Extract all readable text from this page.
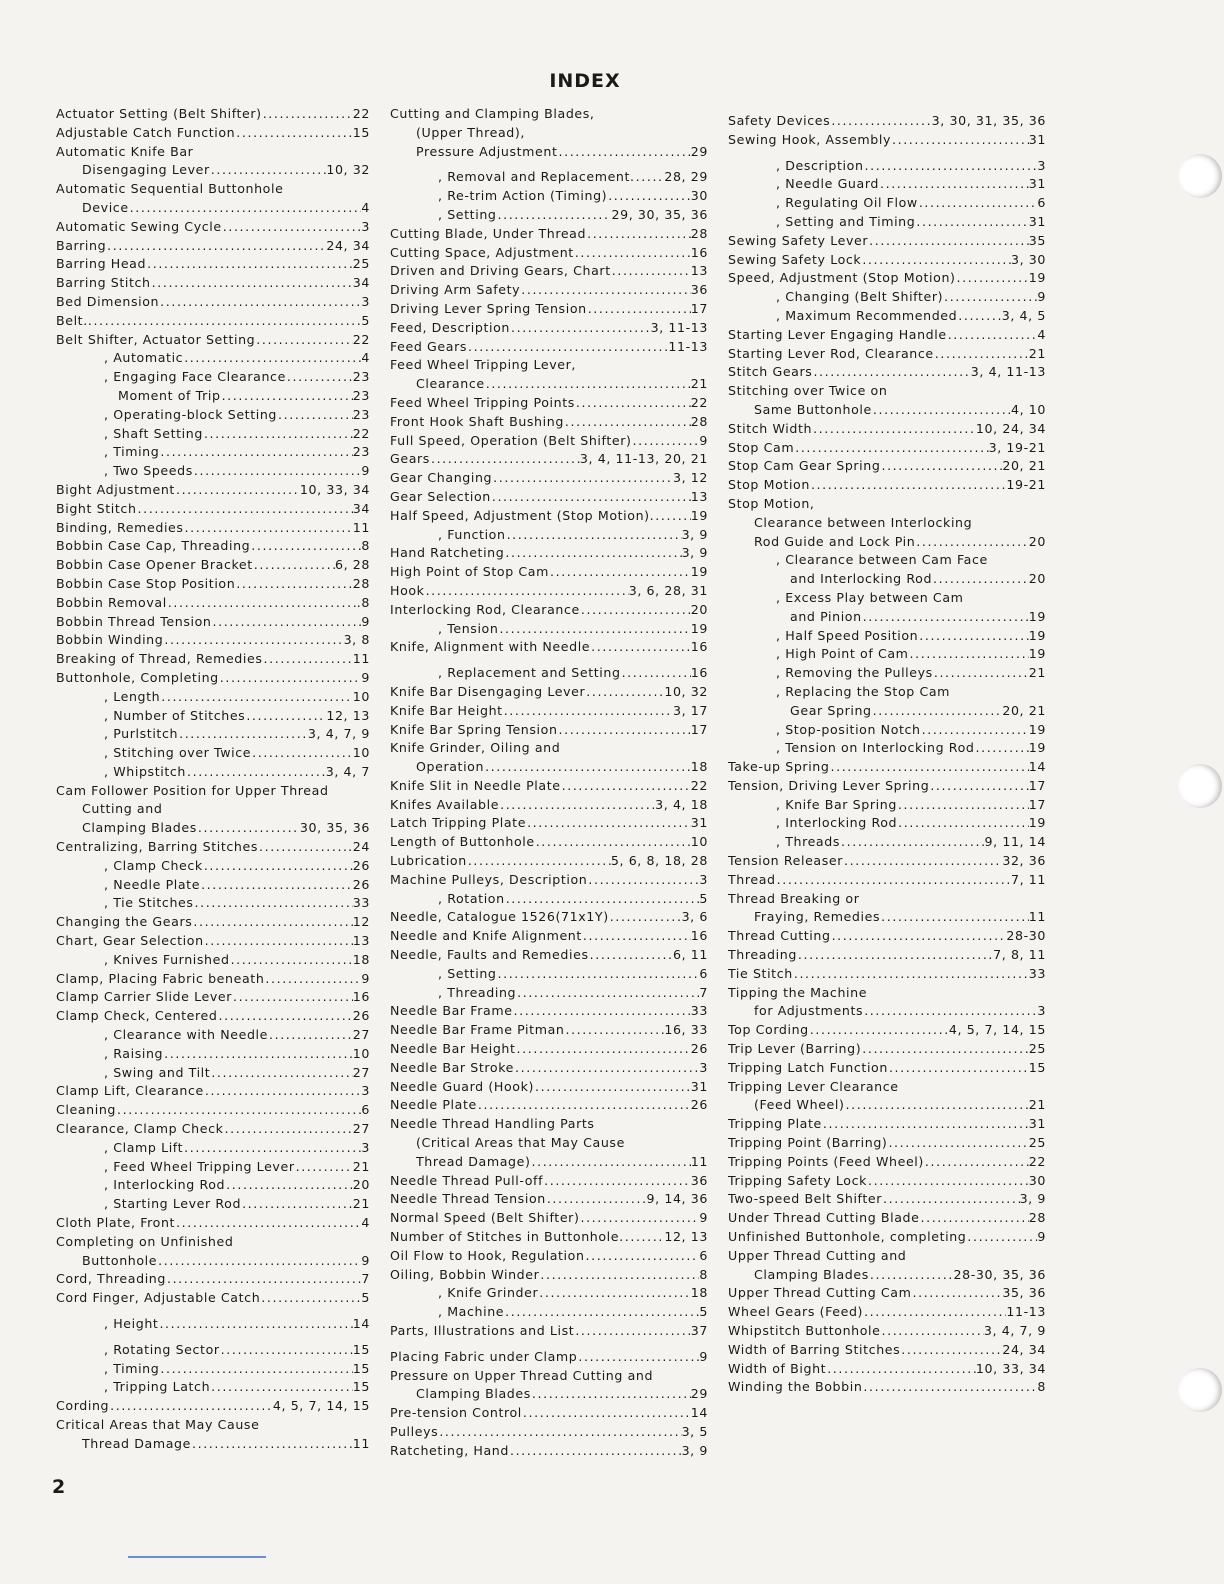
INDEX
Actuator Setting (Belt Shifter) .....	22
Adjustable Catch Function .....	15
Automatic Knife Bar
Disengaging Lever .....	10, 32
Automatic Sequential Buttonhole
Device .....	4
Automatic Sewing Cycle .....	3
Barring .....	24, 34
Barring Head .....	25
Barring Stitch .....	34
Bed Dimension .....	3
Belt.. .....	5
Belt Shifter, Actuator Setting .....	22
, Automatic .....	4
, Engaging Face Clearance .....	23
Moment of Trip .....	23
, Operating-block Setting .....	23
, Shaft Setting .....	22
, Timing .....	23
, Two Speeds .....	9
Bight Adjustment .....	10, 33, 34
Bight Stitch .....	34
Binding, Remedies .....	11
Bobbin Case Cap, Threading .....	8
Bobbin Case Opener Bracket .....	6, 28
Bobbin Case Stop Position .....	28
Bobbin Removal .....	.8
Bobbin Thread Tension .....	9
Bobbin Winding .....	3, 8
Breaking of Thread, Remedies .....	11
Buttonhole, Completing .....	9
, Length .....	10
, Number of Stitches .....	12, 13
, Purlstitch .....	3, 4, 7, 9
, Stitching over Twice .....	10
, Whipstitch .....	3, 4, 7
Cam Follower Position for Upper Thread
Cutting and
Clamping Blades .....	30, 35, 36
Centralizing, Barring Stitches .....	.24
, Clamp Check .....	26
, Needle Plate .....	26
, Tie Stitches .....	33
Changing the Gears .....	12
Chart, Gear Selection .....	13
, Knives Furnished .....	18
Clamp, Placing Fabric beneath .....	9
Clamp Carrier Slide Lever .....	16
Clamp Check, Centered .....	26
, Clearance with Needle .....	27
, Raising .....	10
, Swing and Tilt .....	27
Clamp Lift, Clearance .....	3
Cleaning .....	6
Clearance, Clamp Check .....	27
, Clamp Lift .....	3
, Feed Wheel Tripping Lever .....	21
, Interlocking Rod .....	20
, Starting Lever Rod .....	21
Cloth Plate, Front .....	4
Completing on Unfinished
Buttonhole .....	9
Cord, Threading .....	7
Cord Finger, Adjustable Catch .....	5
, Height .....	14
, Rotating Sector .....	15
, Timing .....	15
, Tripping Latch .....	15
Cording .....	4, 5, 7, 14, 15
Critical Areas that May Cause
Thread Damage .....	11
Cutting and Clamping Blades,
(Upper Thread),
Pressure Adjustment .....	29
, Removal and Replacement. ..... 28, 29
, Re-trim Action (Timing) .....	30
, Setting .....	29, 30, 35, 36
Cutting Blade, Under Thread .....	28
Cutting Space, Adjustment .....	16
Driven and Driving Gears, Chart .....	13
Driving Arm Safety .....	36
Driving Lever Spring Tension .....	17
Feed, Description .....	3, 11-13
Feed Gears .....	11-13
Feed Wheel Tripping Lever,
Clearance .....	21
Feed Wheel Tripping Points .....	22
Front Hook Shaft Bushing .....	28
Full Speed, Operation (Belt Shifter) .....	9
Gears .....	3, 4, 11-13, 20, 21
Gear Changing .....	3, 12
Gear Selection .....	13
Half Speed, Adjustment (Stop Motion). .....	19
, Function .....	3, 9
Hand Ratcheting .....	3, 9
High Point of Stop Cam .....	19
Hook .....	3, 6, 28, 31
Interlocking Rod, Clearance .....	20
, Tension .....	19
Knife, Alignment with Needle .....	16
, Replacement and Setting .....	16
Knife Bar Disengaging Lever .....	10, 32
Knife Bar Height .....	3, 17
Knife Bar Spring Tension .....	17
Knife Grinder, Oiling and
Operation .....	18
Knife Slit in Needle Plate .....	22
Knifes Available .....	3, 4, 18
Latch Tripping Plate .....	31
Length of Buttonhole .....	10
Lubrication .....	5, 6, 8, 18, 28
Machine Pulleys, Description .....	3
, Rotation .....	5
Needle, Catalogue 1526(71x1Y) .....	3, 6
Needle and Knife Alignment .....	16
Needle, Faults and Remedies .....	6, 11
, Setting .....	6
, Threading .....	7
Needle Bar Frame .....	33
Needle Bar Frame Pitman .....	16, 33
Needle Bar Height .....	26
Needle Bar Stroke .....	3
Needle Guard (Hook) .....	31
Needle Plate .....	26
Needle Thread Handling Parts
(Critical Areas that May Cause
Thread Damage) .....	11
Needle Thread Pull-off .....	36
Needle Thread Tension .....	9, 14, 36
Normal Speed (Belt Shifter) .....	9
Number of Stitches in Buttonhole. .....	12, 13
Oil Flow to Hook, Regulation .....	6
Oiling, Bobbin Winder .....	8
, Knife Grinder .....	18
, Machine .....	5
Parts, Illustrations and List .....	37
Placing Fabric under Clamp .....	9
Pressure on Upper Thread Cutting and
Clamping Blades .....	29
Pre-tension Control .....	14
Pulleys .....	3, 5
Ratcheting, Hand .....	3, 9
Safety Devices .....	3, 30, 31, 35, 36
Sewing Hook, Assembly .....	31
, Description .....	3
, Needle Guard .....	31
, Regulating Oil Flow .....	6
, Setting and Timing .....	31
Sewing Safety Lever .....	35
Sewing Safety Lock .....	3, 30
Speed, Adjustment (Stop Motion) .....	19
, Changing (Belt Shifter) .....	9
, Maximum Recommended .....	3, 4, 5
Starting Lever Engaging Handle .....	4
Starting Lever Rod, Clearance .....	21
Stitch Gears .....	3, 4, 11-13
Stitching over Twice on
Same Buttonhole .....	4, 10
Stitch Width .....	10, 24, 34
Stop Cam .....	3, 19-21
Stop Cam Gear Spring .....	20, 21
Stop Motion .....	19-21
Stop Motion,
Clearance between Interlocking
Rod Guide and Lock Pin .....	20
, Clearance between Cam Face
and Interlocking Rod .....	20
, Excess Play between Cam
and Pinion .....	19
, Half Speed Position .....	19
, High Point of Cam .....	19
, Removing the Pulleys .....	21
, Replacing the Stop Cam
Gear Spring .....	20, 21
, Stop-position Notch .....	19
, Tension on Interlocking Rod .....	19
Take-up Spring .....	14
Tension, Driving Lever Spring .....	17
, Knife Bar Spring .....	17
, Interlocking Rod .....	19
, Threads .....	9, 11, 14
Tension Releaser .....	32, 36
Thread .....	7, 11
Thread Breaking or
Fraying, Remedies .....	11
Thread Cutting .....	28-30
Threading .....	7, 8, 11
Tie Stitch .....	33
Tipping the Machine
for Adjustments .....	3
Top Cording .....	4, 5, 7, 14, 15
Trip Lever (Barring) .....	25
Tripping Latch Function .....	15
Tripping Lever Clearance
(Feed Wheel) .....	21
Tripping Plate .....	31
Tripping Point (Barring) .....	25
Tripping Points (Feed Wheel) .....	22
Tripping Safety Lock .....	30
Two-speed Belt Shifter .....	3, 9
Under Thread Cutting Blade .....	28
Unfinished Buttonhole, completing .....	9
Upper Thread Cutting and
Clamping Blades .....	28-30, 35, 36
Upper Thread Cutting Cam .....	35, 36
Wheel Gears (Feed) .....	11-13
Whipstitch Buttonhole .....	3, 4, 7, 9
Width of Barring Stitches .....	24, 34
Width of Bight .....	10, 33, 34
Winding the Bobbin .....	8
2
